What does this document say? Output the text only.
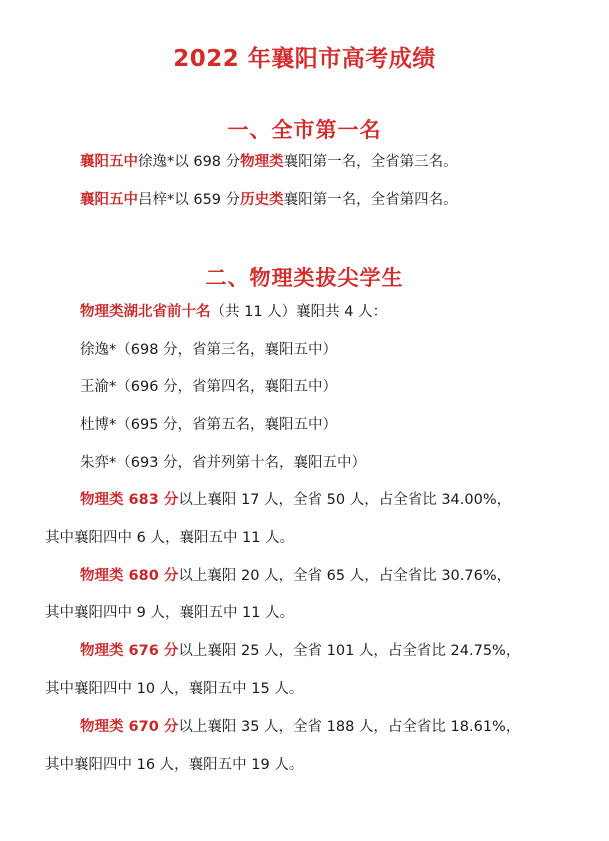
2022 年襄阳市高考成绩
一、全市第一名
襄阳五中徐逸*以 698 分物理类襄阳第一名，全省第三名。
襄阳五中吕梓*以 659 分历史类襄阳第一名，全省第四名。
二、物理类拔尖学生
物理类湖北省前十名（共 11 人）襄阳共 4 人：
徐逸*（698 分，省第三名，襄阳五中）
王渝*（696 分，省第四名，襄阳五中）
杜博*（695 分，省第五名，襄阳五中）
朱弈*（693 分，省并列第十名，襄阳五中）
物理类 683 分以上襄阳 17 人，全省 50 人，占全省比 34.00%，
其中襄阳四中 6 人，襄阳五中 11 人。
物理类 680 分以上襄阳 20 人，全省 65 人，占全省比 30.76%，
其中襄阳四中 9 人，襄阳五中 11 人。
物理类 676 分以上襄阳 25 人，全省 101 人，占全省比 24.75%，
其中襄阳四中 10 人，襄阳五中 15 人。
物理类 670 分以上襄阳 35 人，全省 188 人，占全省比 18.61%，
其中襄阳四中 16 人，襄阳五中 19 人。
